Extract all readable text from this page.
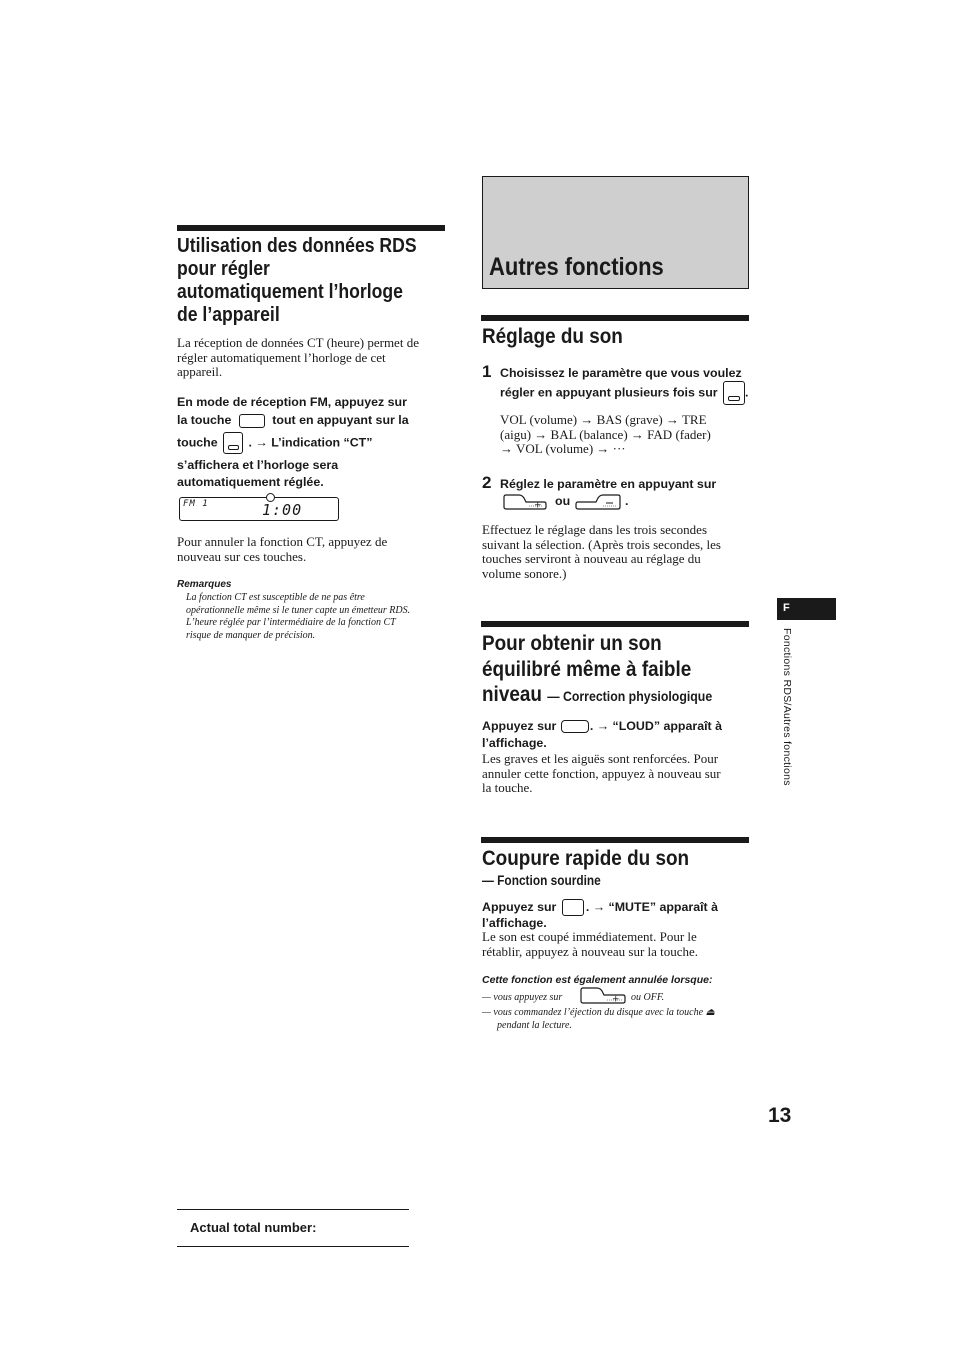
Utilisation des données RDS
pour régler
automatiquement l’horloge
de l’appareil
La réception de données CT (heure) permet de
régler automatiquement l’horloge de cet
appareil.
En mode de réception FM, appuyez sur
la touche	tout en appuyant sur la
touche . → L’indication “CT”
s’affichera et l’horloge sera
automatiquement réglée.
FM 1	1:00
Pour annuler la fonction CT, appuyez de
nouveau sur ces touches.
Remarques
La fonction CT est susceptible de ne pas être
opérationnelle même si le tuner capte un émetteur RDS.
L’heure réglée par l’intermédiaire de la fonction CT
risque de manquer de précision.
Autres fonctions
Réglage du son
1 Choisissez le paramètre que vous voulez
régler en appuyant plusieurs fois sur .
VOL (volume) → BAS (grave) → TRE
(aigu) → BAL (balance) → FAD (fader)
→ VOL (volume) → ···
2 Réglez le paramètre en appuyant sur
+ ou	.
Effectuez le réglage dans les trois secondes
suivant la sélection. (Après trois secondes, les
touches serviront à nouveau au réglage du
volume sonore.)
Pour obtenir un son
équilibré même à faible
niveau — Correction physiologique
Appuyez sur	. → “LOUD” apparaît à
l’affichage.
Les graves et les aiguës sont renforcées. Pour
annuler cette fonction, appuyez à nouveau sur
la touche.
Coupure rapide du son
— Fonction sourdine
Appuyez sur . → “MUTE” apparaît à
l’affichage.
Le son est coupé immédiatement. Pour le
rétablir, appuyez à nouveau sur la touche.
Cette fonction est également annulée lorsque:
— vous appuyez sur	+ ou OFF.
— vous commandez l’éjection du disque avec la touche ⏏
pendant la lecture.
F
Fonctions RDS/Autres fonctions
13
Actual total number:
